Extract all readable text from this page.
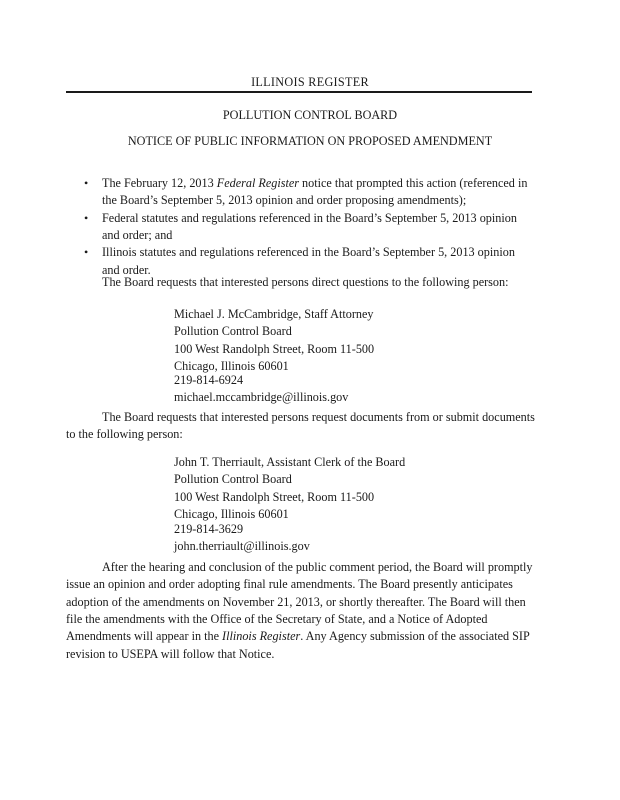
ILLINOIS REGISTER
POLLUTION CONTROL BOARD
NOTICE OF PUBLIC INFORMATION ON PROPOSED AMENDMENT
• The February 12, 2013 Federal Register notice that prompted this action (referenced in the Board’s September 5, 2013 opinion and order proposing amendments);
• Federal statutes and regulations referenced in the Board’s September 5, 2013 opinion and order; and
• Illinois statutes and regulations referenced in the Board’s September 5, 2013 opinion and order.

The Board requests that interested persons direct questions to the following person:

Michael J. McCambridge, Staff Attorney
Pollution Control Board
100 West Randolph Street, Room 11-500
Chicago, Illinois 60601
219-814-6924
michael.mccambridge@illinois.gov

The Board requests that interested persons request documents from or submit documents to the following person:

John T. Therriault, Assistant Clerk of the Board
Pollution Control Board
100 West Randolph Street, Room 11-500
Chicago, Illinois 60601
219-814-3629
john.therriault@illinois.gov

After the hearing and conclusion of the public comment period, the Board will promptly issue an opinion and order adopting final rule amendments. The Board presently anticipates adoption of the amendments on November 21, 2013, or shortly thereafter. The Board will then file the amendments with the Office of the Secretary of State, and a Notice of Adopted Amendments will appear in the Illinois Register. Any Agency submission of the associated SIP revision to USEPA will follow that Notice.
